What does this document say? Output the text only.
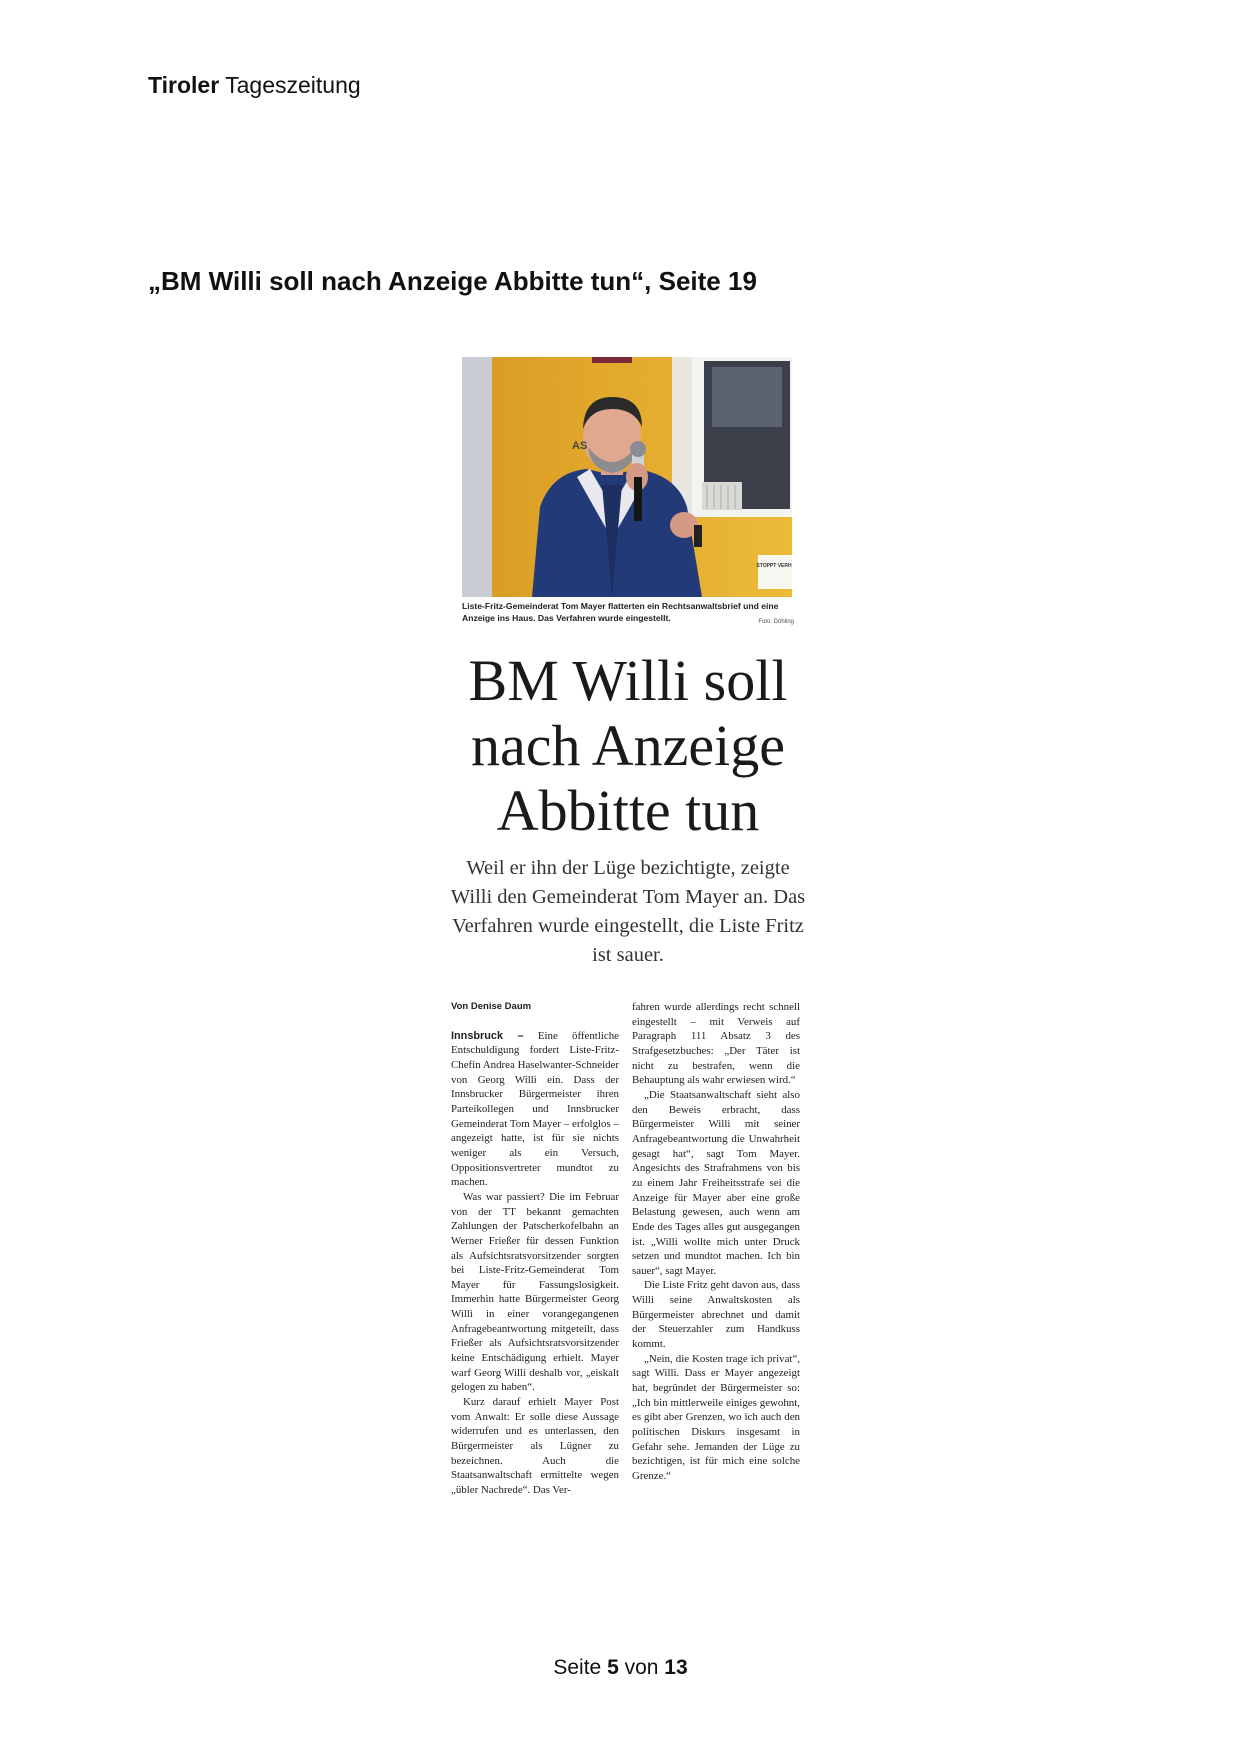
Tiroler Tageszeitung
„BM Willi soll nach Anzeige Abbitte tun“, Seite 19
AS
STOPPT VERH
Liste-Fritz-Gemeinderat Tom Mayer flatterten ein Rechtsanwaltsbrief und eine Anzeige ins Haus. Das Verfahren wurde eingestellt.	Foto: Döhling
BM Willi soll
nach Anzeige
Abbitte tun
Weil er ihn der Lüge bezichtigte, zeigte Willi den Gemeinderat Tom Mayer an. Das Verfahren wurde eingestellt, die Liste Fritz ist sauer.
Von Denise Daum

Innsbruck – Eine öffentliche Entschuldigung fordert Liste-Fritz-Chefin Andrea Haselwanter-Schneider von Georg Willi ein. Dass der Innsbrucker Bürgermeister ihren Parteikollegen und Innsbrucker Gemeinderat Tom Mayer – erfolglos – angezeigt hatte, ist für sie nichts weniger als ein Versuch, Oppositionsvertreter mundtot zu machen.

Was war passiert? Die im Februar von der TT bekannt gemachten Zahlungen der Patscherkofelbahn an Werner Frießer für dessen Funktion als Aufsichtsratsvorsitzender sorgten bei Liste-Fritz-Gemeinderat Tom Mayer für Fassungslosigkeit. Immerhin hatte Bürgermeister Georg Willi in einer vorangegangenen Anfragebeantwortung mitgeteilt, dass Frießer als Aufsichtsratsvorsitzender keine Entschädigung erhielt. Mayer warf Georg Willi deshalb vor, „eiskalt gelogen zu haben“.

Kurz darauf erhielt Mayer Post vom Anwalt: Er solle diese Aussage widerrufen und es unterlassen, den Bürgermeister als Lügner zu bezeichnen. Auch die Staatsanwaltschaft ermittelte wegen „übler Nachrede“. Das Ver-

fahren wurde allerdings recht schnell eingestellt – mit Verweis auf Paragraph 111 Absatz 3 des Strafgesetzbuches: „Der Täter ist nicht zu bestrafen, wenn die Behauptung als wahr erwiesen wird.“

„Die Staatsanwaltschaft sieht also den Beweis erbracht, dass Bürgermeister Willi mit seiner Anfragebeantwortung die Unwahrheit gesagt hat“, sagt Tom Mayer. Angesichts des Strafrahmens von bis zu einem Jahr Freiheitsstrafe sei die Anzeige für Mayer aber eine große Belastung gewesen, auch wenn am Ende des Tages alles gut ausgegangen ist. „Willi wollte mich unter Druck setzen und mundtot machen. Ich bin sauer“, sagt Mayer.

Die Liste Fritz geht davon aus, dass Willi seine Anwaltskosten als Bürgermeister abrechnet und damit der Steuerzahler zum Handkuss kommt.

„Nein, die Kosten trage ich privat“, sagt Willi. Dass er Mayer angezeigt hat, begründet der Bürgermeister so: „Ich bin mittlerweile einiges gewohnt, es gibt aber Grenzen, wo ich auch den politischen Diskurs insgesamt in Gefahr sehe. Jemanden der Lüge zu bezichtigen, ist für mich eine solche Grenze.“

Seite 5 von 13
